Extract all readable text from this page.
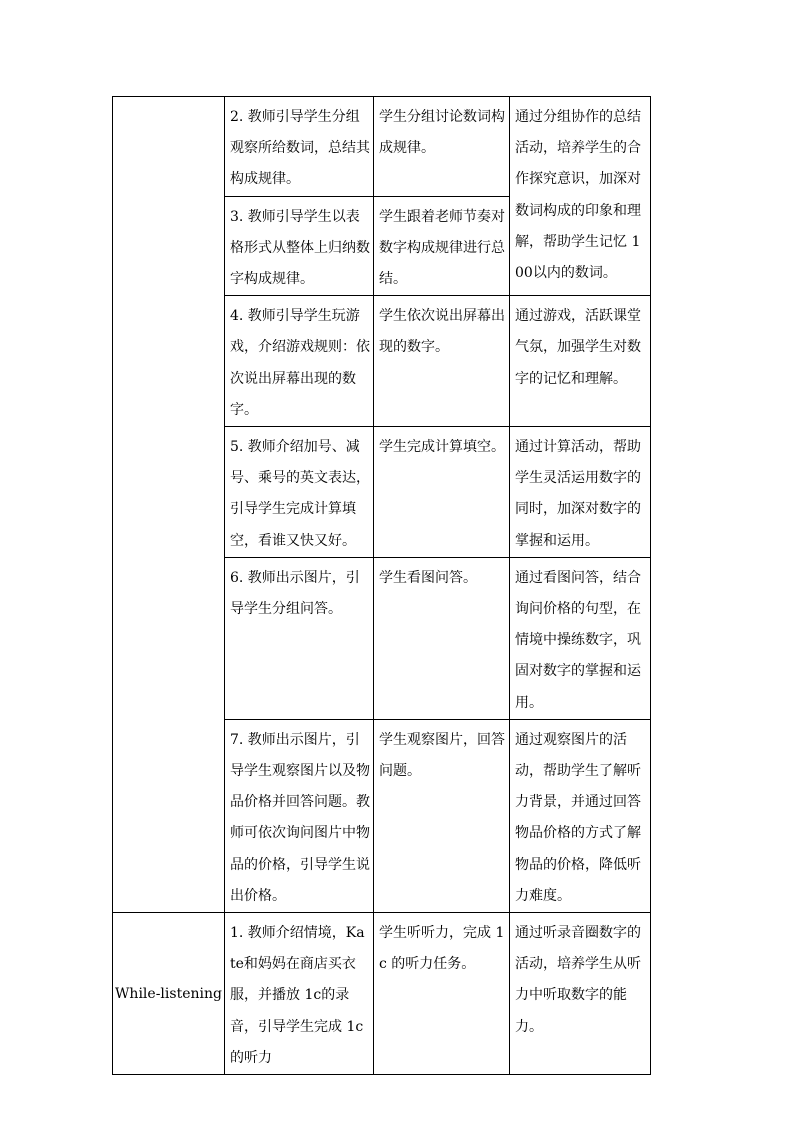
	2. 教师引导学生分组观察所给数词，总结其构成规律。	学生分组讨论数词构成规律。	通过分组协作的总结活动，培养学生的合作探究意识，加深对数词构成的印象和理解，帮助学生记忆 100以内的数词。
	3. 教师引导学生以表格形式从整体上归纳数字构成规律。	学生跟着老师节奏对数字构成规律进行总结。	
	4. 教师引导学生玩游戏，介绍游戏规则：依次说出屏幕出现的数字。	学生依次说出屏幕出现的数字。	通过游戏，活跃课堂气氛，加强学生对数字的记忆和理解。
	5. 教师介绍加号、减号、乘号的英文表达，引导学生完成计算填空，看谁又快又好。	学生完成计算填空。	通过计算活动，帮助学生灵活运用数字的同时，加深对数字的掌握和运用。
	6. 教师出示图片，引导学生分组问答。	学生看图问答。	通过看图问答，结合询问价格的句型，在情境中操练数字，巩固对数字的掌握和运用。
	7. 教师出示图片，引导学生观察图片以及物品价格并回答问题。教师可依次询问图片中物品的价格，引导学生说出价格。	学生观察图片，回答问题。	通过观察图片的活动，帮助学生了解听力背景，并通过回答物品价格的方式了解物品的价格，降低听力难度。
While-listening	1. 教师介绍情境，Kate和妈妈在商店买衣服，并播放 1c的录音，引导学生完成 1c的听力	学生听听力，完成 1c 的听力任务。	通过听录音圈数字的活动，培养学生从听力中听取数字的能力。
